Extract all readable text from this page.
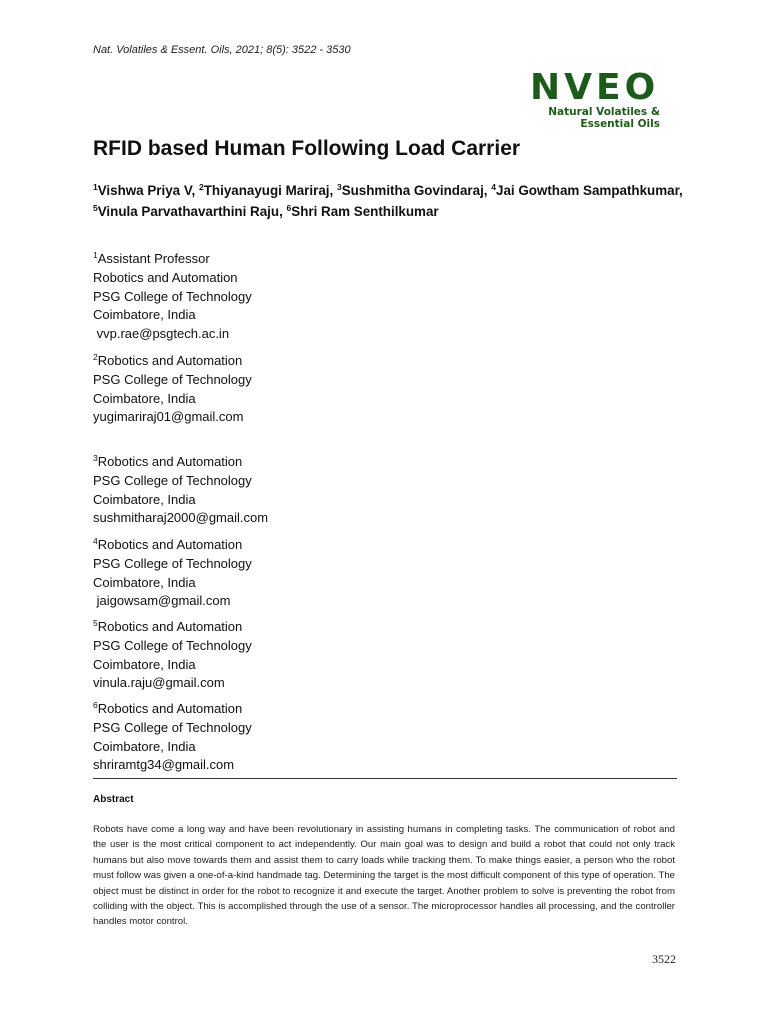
Nat. Volatiles & Essent. Oils, 2021; 8(5): 3522 - 3530
NVEO
Natural Volatiles &
Essential Oils
RFID based Human Following Load Carrier
$^1$Vishwa Priya V, $^2$Thiyanayugi Mariraj, $^3$Sushmitha Govindaraj, $^4$Jai Gowtham Sampathkumar, $^5$Vinula Parvathavarthini Raju, $^6$Shri Ram Senthilkumar
$^1$Assistant Professor
Robotics and Automation
PSG College of Technology
Coimbatore, India
vvp.rae@psgtech.ac.in
$^2$Robotics and Automation
PSG College of Technology
Coimbatore, India
yugimariraj01@gmail.com
$^3$Robotics and Automation
PSG College of Technology
Coimbatore, India
sushmitharaj2000@gmail.com
$^4$Robotics and Automation
PSG College of Technology
Coimbatore, India
jaigowsam@gmail.com
$^5$Robotics and Automation
PSG College of Technology
Coimbatore, India
vinula.raju@gmail.com
$^6$Robotics and Automation
PSG College of Technology
Coimbatore, India
shriramtg34@gmail.com
Abstract
Robots have come a long way and have been revolutionary in assisting humans in completing tasks. The communication of robot and the user is the most critical component to act independently. Our main goal was to design and build a robot that could not only track humans but also move towards them and assist them to carry loads while tracking them. To make things easier, a person who the robot must follow was given a one-of-a-kind handmade tag. Determining the target is the most difficult component of this type of operation. The object must be distinct in order for the robot to recognize it and execute the target. Another problem to solve is preventing the robot from colliding with the object. This is accomplished through the use of a sensor. The microprocessor handles all processing, and the controller handles motor control.
3522
